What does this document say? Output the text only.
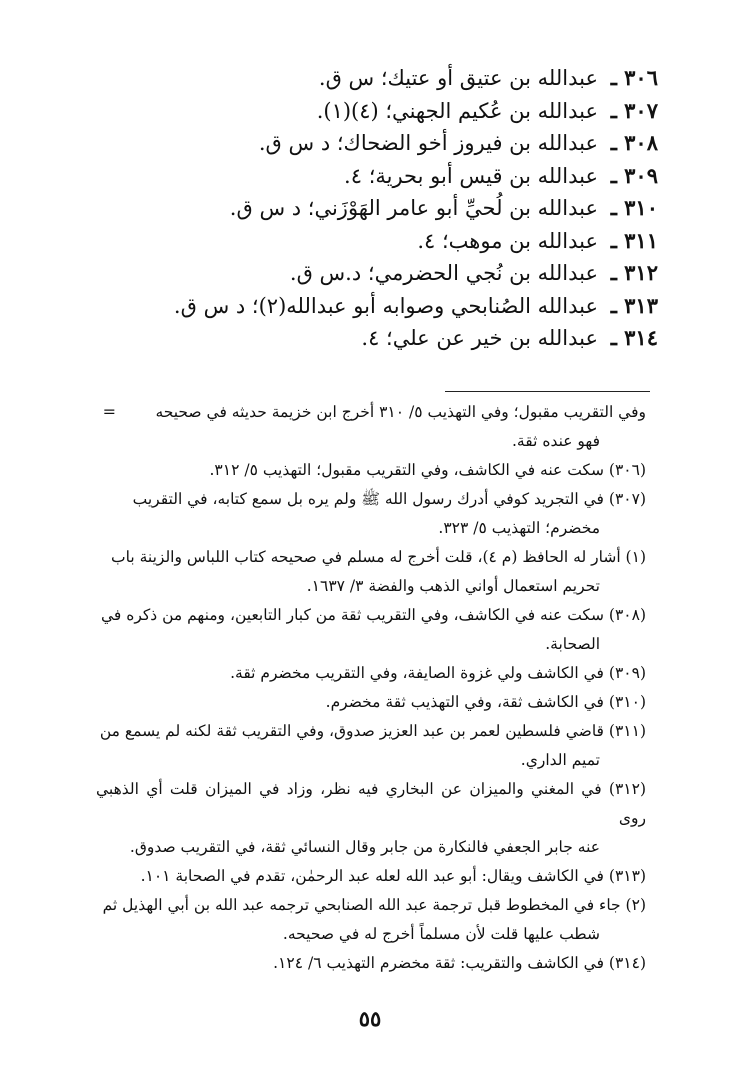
٣٠٦ ـ عبدالله بن عتيق أو عتيك؛ س ق.
٣٠٧ ـ عبدالله بن عُكيم الجهني؛ (٤)(١).
٣٠٨ ـ عبدالله بن فيروز أخو الضحاك؛ د س ق.
٣٠٩ ـ عبدالله بن قيس أبو بحرية؛ ٤.
٣١٠ ـ عبدالله بن لُحيِّ أبو عامر الهَوْزَني؛ د س ق.
٣١١ ـ عبدالله بن موهب؛ ٤.
٣١٢ ـ عبدالله بن نُجي الحضرمي؛ د.س ق.
٣١٣ ـ عبدالله الصُنابحي وصوابه أبو عبدالله(٢)؛ د س ق.
٣١٤ ـ عبدالله بن خير عن علي؛ ٤.
=	وفي التقريب مقبول؛ وفي التهذيب ٥/ ٣١٠ أخرج ابن خزيمة حديثه في صحيحه
فهو عنده ثقة.
(٣٠٦) سكت عنه في الكاشف، وفي التقريب مقبول؛ التهذيب ٥/ ٣١٢.
(٣٠٧) في التجريد كوفي أدرك رسول الله ﷺ ولم يره بل سمع كتابه، في التقريب
مخضرم؛ التهذيب ٥/ ٣٢٣.
(١) أشار له الحافظ (م ٤)، قلت أخرج له مسلم في صحيحه كتاب اللباس والزينة باب
تحريم استعمال أواني الذهب والفضة ٣/ ١٦٣٧.
(٣٠٨) سكت عنه في الكاشف، وفي التقريب ثقة من كبار التابعين، ومنهم من ذكره في
الصحابة.
(٣٠٩) في الكاشف ولي غزوة الصايفة، وفي التقريب مخضرم ثقة.
(٣١٠) في الكاشف ثقة، وفي التهذيب ثقة مخضرم.
(٣١١) قاضي فلسطين لعمر بن عبد العزيز صدوق، وفي التقريب ثقة لكنه لم يسمع من
تميم الداري.
(٣١٢) في المغني والميزان عن البخاري فيه نظر، وزاد في الميزان قلت أي الذهبي روى
عنه جابر الجعفي فالنكارة من جابر وقال النسائي ثقة، في التقريب صدوق.
(٣١٣) في الكاشف ويقال: أبو عبد الله لعله عبد الرحمٰن، تقدم في الصحابة ١٠١.
(٢) جاء في المخطوط قبل ترجمة عبد الله الصنابحي ترجمه عبد الله بن أبي الهذيل ثم
شطب عليها قلت لأن مسلماً أخرج له في صحيحه.
(٣١٤) في الكاشف والتقريب: ثقة مخضرم التهذيب ٦/ ١٢٤.
٥٥
